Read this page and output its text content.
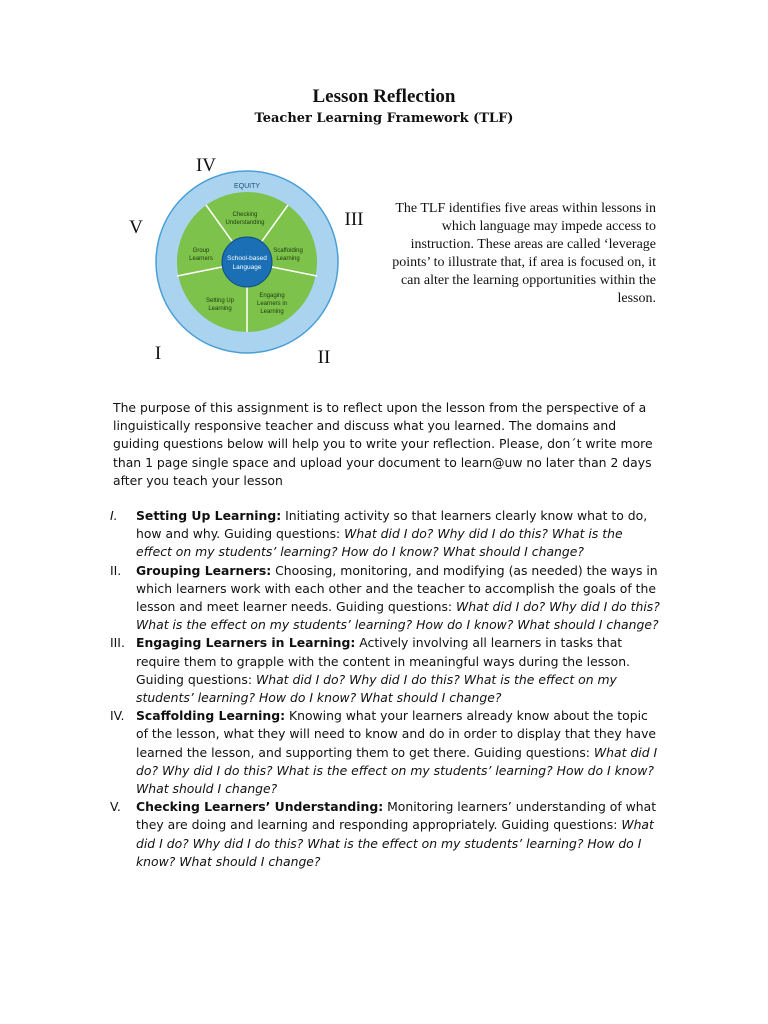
Lesson Reflection
Teacher Learning Framework (TLF)
EQUITY
School-based
Language
Checking
Understanding
Scaffolding
Learning
Engaging
Learners in
Learning
Setting Up
Learning
Group
Learners
IV
V	III
I	II

The TLF identifies five areas within lessons in which language may impede access to instruction. These areas are called ‘leverage points’ to illustrate that, if area is focused on, it can alter the learning opportunities within the lesson.

The purpose of this assignment is to reflect upon the lesson from the perspective of a linguistically responsive teacher and discuss what you learned. The domains and guiding questions below will help you to write your reflection. Please, don´t write more than 1 page single space and upload your document to learn@uw no later than 2 days after you teach your lesson

I. Setting Up Learning: Initiating activity so that learners clearly know what to do, how and why. Guiding questions: What did I do? Why did I do this? What is the effect on my students’ learning? How do I know? What should I change?
II. Grouping Learners: Choosing, monitoring, and modifying (as needed) the ways in which learners work with each other and the teacher to accomplish the goals of the lesson and meet learner needs. Guiding questions: What did I do? Why did I do this? What is the effect on my students’ learning? How do I know? What should I change?
III. Engaging Learners in Learning: Actively involving all learners in tasks that require them to grapple with the content in meaningful ways during the lesson. Guiding questions: What did I do? Why did I do this? What is the effect on my students’ learning? How do I know? What should I change?
IV. Scaffolding Learning: Knowing what your learners already know about the topic of the lesson, what they will need to know and do in order to display that they have learned the lesson, and supporting them to get there. Guiding questions: What did I do? Why did I do this? What is the effect on my students’ learning? How do I know? What should I change?
V. Checking Learners’ Understanding: Monitoring learners’ understanding of what they are doing and learning and responding appropriately. Guiding questions: What did I do? Why did I do this? What is the effect on my students’ learning? How do I know? What should I change?
